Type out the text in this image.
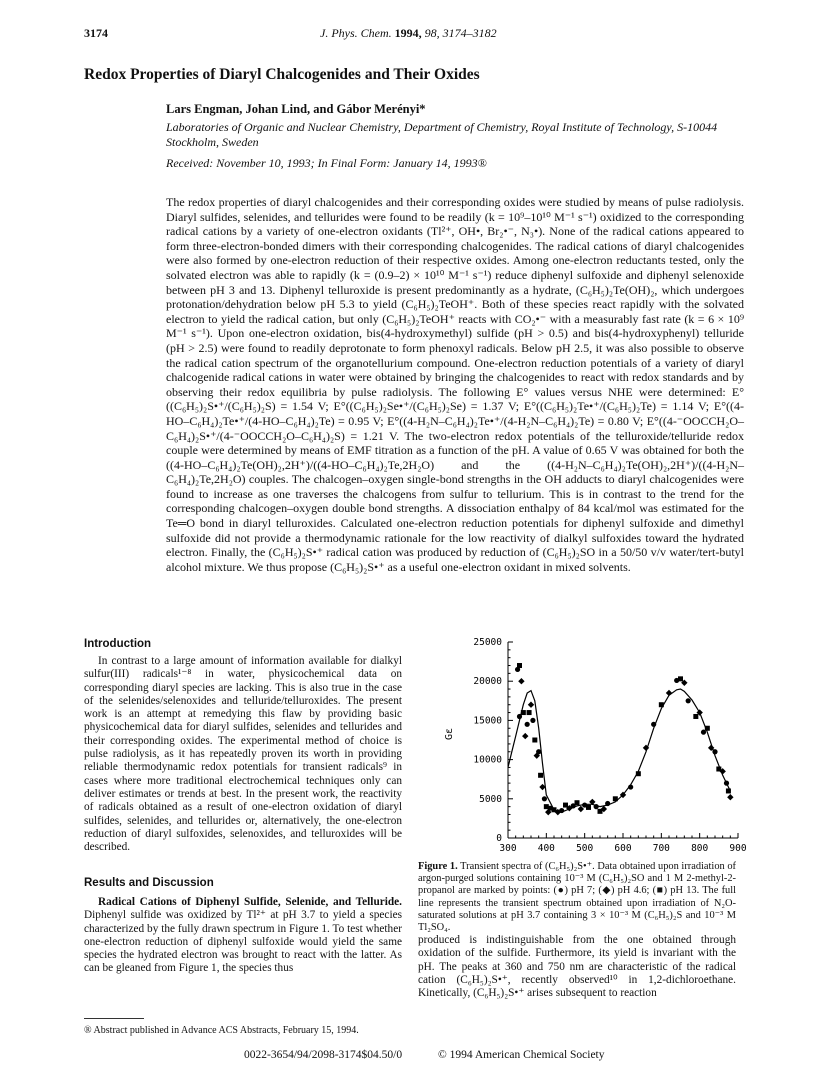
3174	J. Phys. Chem. 1994, 98, 3174–3182
Redox Properties of Diaryl Chalcogenides and Their Oxides
Lars Engman, Johan Lind, and Gábor Merényi*
Laboratories of Organic and Nuclear Chemistry, Department of Chemistry, Royal Institute of Technology, S-10044 Stockholm, Sweden
Received: November 10, 1993; In Final Form: January 14, 1993®
The redox properties of diaryl chalcogenides and their corresponding oxides were studied by means of pulse radiolysis. Diaryl sulfides, selenides, and tellurides were found to be readily (k = 10⁹–10¹⁰ M⁻¹ s⁻¹) oxidized to the corresponding radical cations by a variety of one-electron oxidants (Tl²⁺, OH•, Br₂•⁻, N₃•). None of the radical cations appeared to form three-electron-bonded dimers with their corresponding chalcogenides. The radical cations of diaryl chalcogenides were also formed by one-electron reduction of their respective oxides. Among one-electron reductants tested, only the solvated electron was able to rapidly (k = (0.9–2) × 10¹⁰ M⁻¹ s⁻¹) reduce diphenyl sulfoxide and diphenyl selenoxide between pH 3 and 13. Diphenyl telluroxide is present predominantly as a hydrate, (C₆H₅)₂Te(OH)₂, which undergoes protonation/dehydration below pH 5.3 to yield (C₆H₅)₂TeOH⁺. Both of these species react rapidly with the solvated electron to yield the radical cation, but only (C₆H₅)₂TeOH⁺ reacts with CO₂•⁻ with a measurably fast rate (k = 6 × 10⁹ M⁻¹ s⁻¹). Upon one-electron oxidation, bis(4-hydroxymethyl) sulfide (pH > 0.5) and bis(4-hydroxyphenyl) telluride (pH > 2.5) were found to readily deprotonate to form phenoxyl radicals. Below pH 2.5, it was also possible to observe the radical cation spectrum of the organotellurium compound. One-electron reduction potentials of a variety of diaryl chalcogenide radical cations in water were obtained by bringing the chalcogenides to react with redox standards and by observing their redox equilibria by pulse radiolysis. The following E° values versus NHE were determined: E°((C₆H₅)₂S•⁺/(C₆H₅)₂S) = 1.54 V; E°((C₆H₅)₂Se•⁺/(C₆H₅)₂Se) = 1.37 V; E°((C₆H₅)₂Te•⁺/(C₆H₅)₂Te) = 1.14 V; E°((4-HO–C₆H₄)₂Te•⁺/(4-HO–C₆H₄)₂Te) = 0.95 V; E°((4-H₂N–C₆H₄)₂Te•⁺/(4-H₂N–C₆H₄)₂Te) = 0.80 V; E°((4-⁻OOCCH₂O–C₆H₄)₂S•⁺/(4-⁻OOCCH₂O–C₆H₄)₂S) = 1.21 V. The two-electron redox potentials of the telluroxide/telluride redox couple were determined by means of EMF titration as a function of the pH. A value of 0.65 V was obtained for both the ((4-HO–C₆H₄)₂Te(OH)₂,2H⁺)/((4-HO–C₆H₄)₂Te,2H₂O) and the ((4-H₂N–C₆H₄)₂Te(OH)₂,2H⁺)/((4-H₂N–C₆H₄)₂Te,2H₂O) couples. The chalcogen–oxygen single-bond strengths in the OH adducts to diaryl chalcogenides were found to increase as one traverses the chalcogens from sulfur to tellurium. This is in contrast to the trend for the corresponding chalcogen–oxygen double bond strengths. A dissociation enthalpy of 84 kcal/mol was estimated for the Te═O bond in diaryl telluroxides. Calculated one-electron reduction potentials for diphenyl sulfoxide and dimethyl sulfoxide did not provide a thermodynamic rationale for the low reactivity of dialkyl sulfoxides toward the hydrated electron. Finally, the (C₆H₅)₂S•⁺ radical cation was produced by reduction of (C₆H₅)₂SO in a 50/50 v/v water/tert-butyl alcohol mixture. We thus propose (C₆H₅)₂S•⁺ as a useful one-electron oxidant in mixed solvents.
Introduction
In contrast to a large amount of information available for dialkyl sulfur(III) radicals¹⁻⁸ in water, physicochemical data on corresponding diaryl species are lacking. This is also true in the case of the selenides/selenoxides and telluride/telluroxides. The present work is an attempt at remedying this flaw by providing basic physicochemical data for diaryl sulfides, selenides and tellurides and their corresponding oxides. The experimental method of choice is pulse radiolysis, as it has repeatedly proven its worth in providing reliable thermodynamic redox potentials for transient radicals⁹ in cases where more traditional electrochemical techniques only can deliver estimates or trends at best. In the present work, the reactivity of radicals obtained as a result of one-electron oxidation of diaryl sulfides, selenides, and tellurides or, alternatively, the one-electron reduction of diaryl sulfoxides, selenoxides, and telluroxides will be described.
Results and Discussion
Radical Cations of Diphenyl Sulfide, Selenide, and Telluride. Diphenyl sulfide was oxidized by Tl²⁺ at pH 3.7 to yield a species characterized by the fully drawn spectrum in Figure 1. To test whether one-electron reduction of diphenyl sulfoxide would yield the same species the hydrated electron was brought to react with the latter. As can be gleaned from Figure 1, the species thus
® Abstract published in Advance ACS Abstracts, February 15, 1994.
0
5000
10000
15000
20000
25000
300 400 500 600 700 800 900
Gε
Figure 1. Transient spectra of (C₆H₅)₂S•⁺. Data obtained upon irradiation of argon-purged solutions containing 10⁻³ M (C₆H₅)₂SO and 1 M 2-methyl-2-propanol are marked by points: (●) pH 7; (◆) pH 4.6; (■) pH 13. The full line represents the transient spectrum obtained upon irradiation of N₂O-saturated solutions at pH 3.7 containing 3 × 10⁻³ M (C₆H₅)₂S and 10⁻³ M Tl₂SO₄.
produced is indistinguishable from the one obtained through oxidation of the sulfide. Furthermore, its yield is invariant with the pH. The peaks at 360 and 750 nm are characteristic of the radical cation (C₆H₅)₂S•⁺, recently observed¹⁰ in 1,2-dichloroethane. Kinetically, (C₆H₅)₂S•⁺ arises subsequent to reaction
0022-3654/94/2098-3174$04.50/0	© 1994 American Chemical Society
